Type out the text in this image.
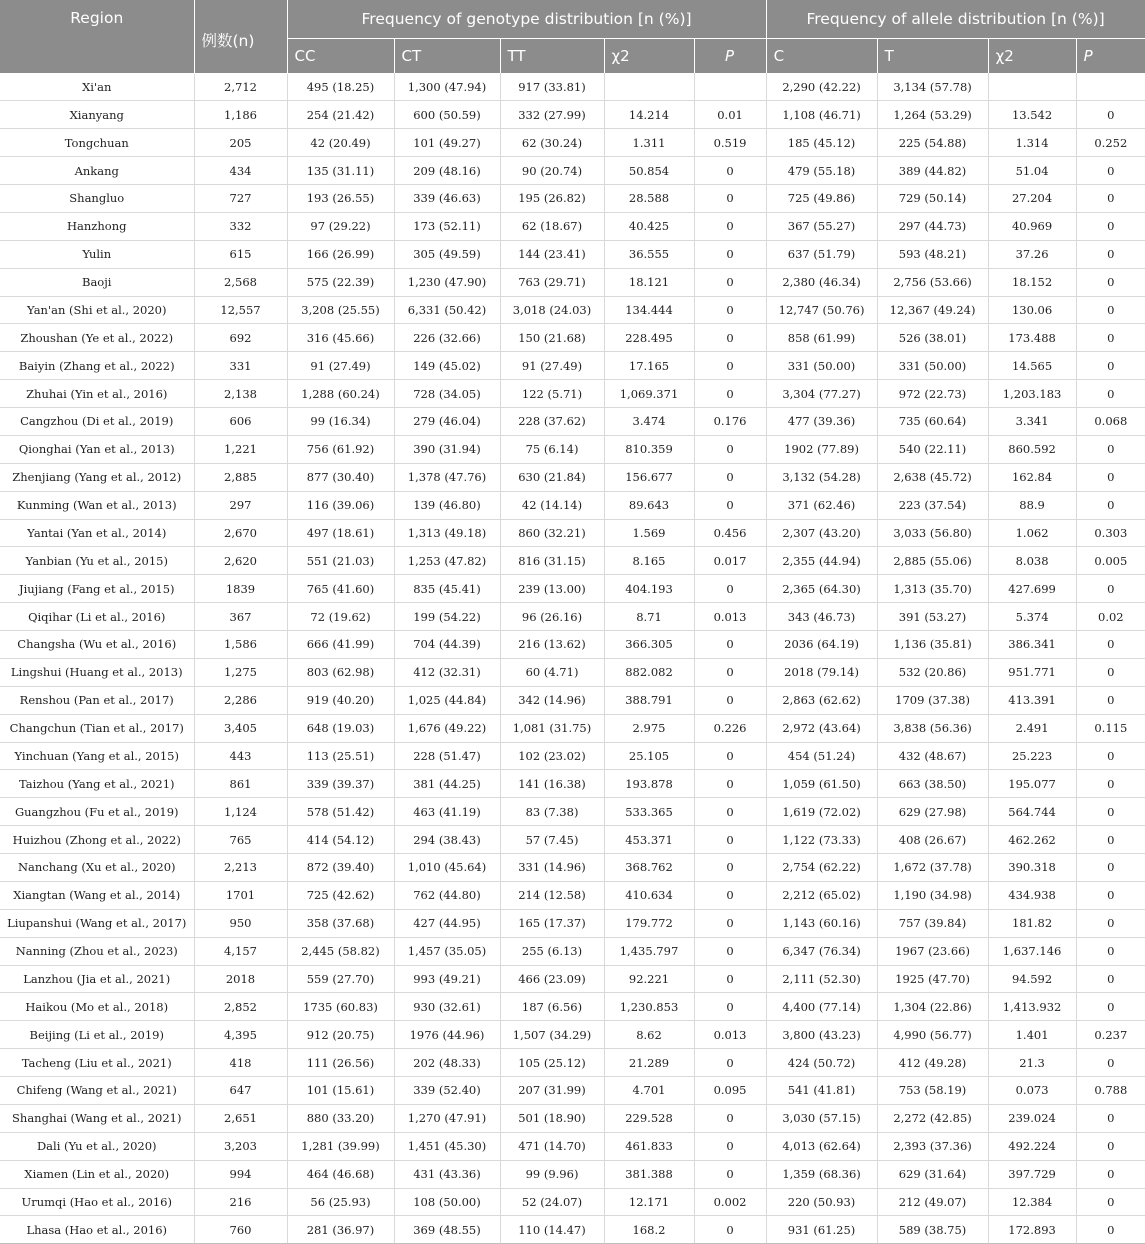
Region	例数(n)	Frequency of genotype distribution [n (%)]					Frequency of allele distribution [n (%)]			
		CC	CT	TT	χ2	P	C	T	χ2	P
Xi'an	2,712	495 (18.25)	1,300 (47.94)	917 (33.81)			2,290 (42.22)	3,134 (57.78)		
Xianyang	1,186	254 (21.42)	600 (50.59)	332 (27.99)	14.214	0.01	1,108 (46.71)	1,264 (53.29)	13.542	0
Tongchuan	205	42 (20.49)	101 (49.27)	62 (30.24)	1.311	0.519	185 (45.12)	225 (54.88)	1.314	0.252
Ankang	434	135 (31.11)	209 (48.16)	90 (20.74)	50.854	0	479 (55.18)	389 (44.82)	51.04	0
Shangluo	727	193 (26.55)	339 (46.63)	195 (26.82)	28.588	0	725 (49.86)	729 (50.14)	27.204	0
Hanzhong	332	97 (29.22)	173 (52.11)	62 (18.67)	40.425	0	367 (55.27)	297 (44.73)	40.969	0
Yulin	615	166 (26.99)	305 (49.59)	144 (23.41)	36.555	0	637 (51.79)	593 (48.21)	37.26	0
Baoji	2,568	575 (22.39)	1,230 (47.90)	763 (29.71)	18.121	0	2,380 (46.34)	2,756 (53.66)	18.152	0
Yan'an (Shi et al., 2020)	12,557	3,208 (25.55)	6,331 (50.42)	3,018 (24.03)	134.444	0	12,747 (50.76)	12,367 (49.24)	130.06	0
Zhoushan (Ye et al., 2022)	692	316 (45.66)	226 (32.66)	150 (21.68)	228.495	0	858 (61.99)	526 (38.01)	173.488	0
Baiyin (Zhang et al., 2022)	331	91 (27.49)	149 (45.02)	91 (27.49)	17.165	0	331 (50.00)	331 (50.00)	14.565	0
Zhuhai (Yin et al., 2016)	2,138	1,288 (60.24)	728 (34.05)	122 (5.71)	1,069.371	0	3,304 (77.27)	972 (22.73)	1,203.183	0
Cangzhou (Di et al., 2019)	606	99 (16.34)	279 (46.04)	228 (37.62)	3.474	0.176	477 (39.36)	735 (60.64)	3.341	0.068
Qionghai (Yan et al., 2013)	1,221	756 (61.92)	390 (31.94)	75 (6.14)	810.359	0	1902 (77.89)	540 (22.11)	860.592	0
Zhenjiang (Yang et al., 2012)	2,885	877 (30.40)	1,378 (47.76)	630 (21.84)	156.677	0	3,132 (54.28)	2,638 (45.72)	162.84	0
Kunming (Wan et al., 2013)	297	116 (39.06)	139 (46.80)	42 (14.14)	89.643	0	371 (62.46)	223 (37.54)	88.9	0
Yantai (Yan et al., 2014)	2,670	497 (18.61)	1,313 (49.18)	860 (32.21)	1.569	0.456	2,307 (43.20)	3,033 (56.80)	1.062	0.303
Yanbian (Yu et al., 2015)	2,620	551 (21.03)	1,253 (47.82)	816 (31.15)	8.165	0.017	2,355 (44.94)	2,885 (55.06)	8.038	0.005
Jiujiang (Fang et al., 2015)	1839	765 (41.60)	835 (45.41)	239 (13.00)	404.193	0	2,365 (64.30)	1,313 (35.70)	427.699	0
Qiqihar (Li et al., 2016)	367	72 (19.62)	199 (54.22)	96 (26.16)	8.71	0.013	343 (46.73)	391 (53.27)	5.374	0.02
Changsha (Wu et al., 2016)	1,586	666 (41.99)	704 (44.39)	216 (13.62)	366.305	0	2036 (64.19)	1,136 (35.81)	386.341	0
Lingshui (Huang et al., 2013)	1,275	803 (62.98)	412 (32.31)	60 (4.71)	882.082	0	2018 (79.14)	532 (20.86)	951.771	0
Renshou (Pan et al., 2017)	2,286	919 (40.20)	1,025 (44.84)	342 (14.96)	388.791	0	2,863 (62.62)	1709 (37.38)	413.391	0
Changchun (Tian et al., 2017)	3,405	648 (19.03)	1,676 (49.22)	1,081 (31.75)	2.975	0.226	2,972 (43.64)	3,838 (56.36)	2.491	0.115
Yinchuan (Yang et al., 2015)	443	113 (25.51)	228 (51.47)	102 (23.02)	25.105	0	454 (51.24)	432 (48.67)	25.223	0
Taizhou (Yang et al., 2021)	861	339 (39.37)	381 (44.25)	141 (16.38)	193.878	0	1,059 (61.50)	663 (38.50)	195.077	0
Guangzhou (Fu et al., 2019)	1,124	578 (51.42)	463 (41.19)	83 (7.38)	533.365	0	1,619 (72.02)	629 (27.98)	564.744	0
Huizhou (Zhong et al., 2022)	765	414 (54.12)	294 (38.43)	57 (7.45)	453.371	0	1,122 (73.33)	408 (26.67)	462.262	0
Nanchang (Xu et al., 2020)	2,213	872 (39.40)	1,010 (45.64)	331 (14.96)	368.762	0	2,754 (62.22)	1,672 (37.78)	390.318	0
Xiangtan (Wang et al., 2014)	1701	725 (42.62)	762 (44.80)	214 (12.58)	410.634	0	2,212 (65.02)	1,190 (34.98)	434.938	0
Liupanshui (Wang et al., 2017)	950	358 (37.68)	427 (44.95)	165 (17.37)	179.772	0	1,143 (60.16)	757 (39.84)	181.82	0
Nanning (Zhou et al., 2023)	4,157	2,445 (58.82)	1,457 (35.05)	255 (6.13)	1,435.797	0	6,347 (76.34)	1967 (23.66)	1,637.146	0
Lanzhou (Jia et al., 2021)	2018	559 (27.70)	993 (49.21)	466 (23.09)	92.221	0	2,111 (52.30)	1925 (47.70)	94.592	0
Haikou (Mo et al., 2018)	2,852	1735 (60.83)	930 (32.61)	187 (6.56)	1,230.853	0	4,400 (77.14)	1,304 (22.86)	1,413.932	0
Beijing (Li et al., 2019)	4,395	912 (20.75)	1976 (44.96)	1,507 (34.29)	8.62	0.013	3,800 (43.23)	4,990 (56.77)	1.401	0.237
Tacheng (Liu et al., 2021)	418	111 (26.56)	202 (48.33)	105 (25.12)	21.289	0	424 (50.72)	412 (49.28)	21.3	0
Chifeng (Wang et al., 2021)	647	101 (15.61)	339 (52.40)	207 (31.99)	4.701	0.095	541 (41.81)	753 (58.19)	0.073	0.788
Shanghai (Wang et al., 2021)	2,651	880 (33.20)	1,270 (47.91)	501 (18.90)	229.528	0	3,030 (57.15)	2,272 (42.85)	239.024	0
Dali (Yu et al., 2020)	3,203	1,281 (39.99)	1,451 (45.30)	471 (14.70)	461.833	0	4,013 (62.64)	2,393 (37.36)	492.224	0
Xiamen (Lin et al., 2020)	994	464 (46.68)	431 (43.36)	99 (9.96)	381.388	0	1,359 (68.36)	629 (31.64)	397.729	0
Urumqi (Hao et al., 2016)	216	56 (25.93)	108 (50.00)	52 (24.07)	12.171	0.002	220 (50.93)	212 (49.07)	12.384	0
Lhasa (Hao et al., 2016)	760	281 (36.97)	369 (48.55)	110 (14.47)	168.2	0	931 (61.25)	589 (38.75)	172.893	0
